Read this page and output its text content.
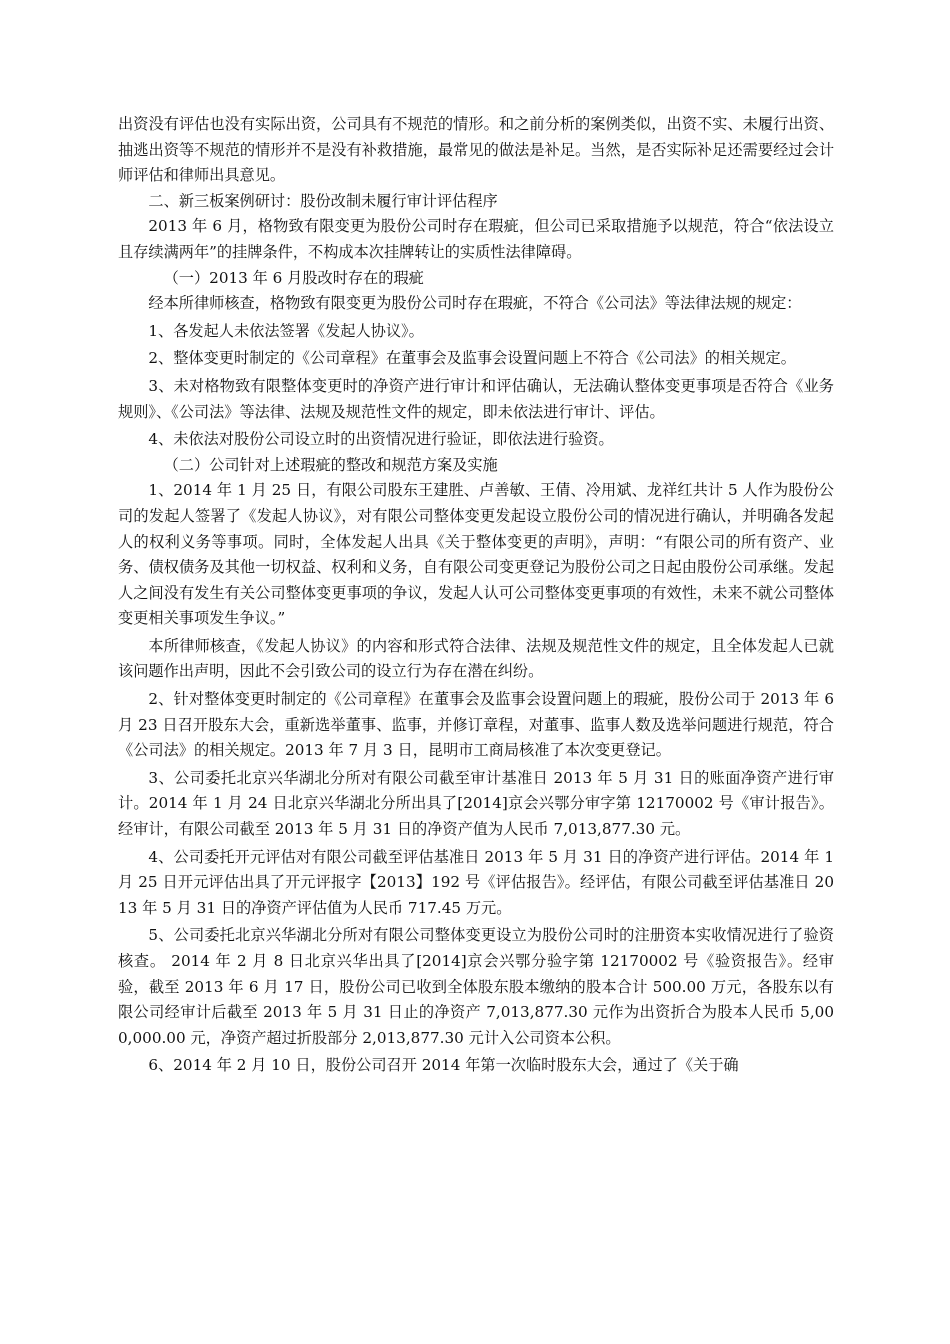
出资没有评估也没有实际出资，公司具有不规范的情形。和之前分析的案例类似，出资不实、未履行出资、抽逃出资等不规范的情形并不是没有补救措施，最常见的做法是补足。当然，是否实际补足还需要经过会计师评估和律师出具意见。

二、新三板案例研讨：股份改制未履行审计评估程序

2013 年 6 月，格物致有限变更为股份公司时存在瑕疵，但公司已采取措施予以规范，符合“依法设立且存续满两年”的挂牌条件，不构成本次挂牌转让的实质性法律障碍。

（一）2013 年 6 月股改时存在的瑕疵

经本所律师核查，格物致有限变更为股份公司时存在瑕疵，不符合《公司法》等法律法规的规定：

1、各发起人未依法签署《发起人协议》。

2、整体变更时制定的《公司章程》在董事会及监事会设置问题上不符合《公司法》的相关规定。

3、未对格物致有限整体变更时的净资产进行审计和评估确认，无法确认整体变更事项是否符合《业务规则》、《公司法》等法律、法规及规范性文件的规定，即未依法进行审计、评估。

4、未依法对股份公司设立时的出资情况进行验证，即依法进行验资。

（二）公司针对上述瑕疵的整改和规范方案及实施

1、2014 年 1 月 25 日，有限公司股东王建胜、卢善敏、王倩、冷用斌、龙祥红共计 5 人作为股份公司的发起人签署了《发起人协议》，对有限公司整体变更发起设立股份公司的情况进行确认，并明确各发起人的权利义务等事项。同时，全体发起人出具《关于整体变更的声明》，声明：“有限公司的所有资产、业务、债权债务及其他一切权益、权利和义务，自有限公司变更登记为股份公司之日起由股份公司承继。发起人之间没有发生有关公司整体变更事项的争议，发起人认可公司整体变更事项的有效性，未来不就公司整体变更相关事项发生争议。”

本所律师核查，《发起人协议》的内容和形式符合法律、法规及规范性文件的规定，且全体发起人已就该问题作出声明，因此不会引致公司的设立行为存在潜在纠纷。

2、针对整体变更时制定的《公司章程》在董事会及监事会设置问题上的瑕疵，股份公司于 2013 年 6 月 23 日召开股东大会，重新选举董事、监事，并修订章程，对董事、监事人数及选举问题进行规范，符合《公司法》的相关规定。2013 年 7 月 3 日，昆明市工商局核准了本次变更登记。

3、公司委托北京兴华湖北分所对有限公司截至审计基准日 2013 年 5 月 31 日的账面净资产进行审计。2014 年 1 月 24 日北京兴华湖北分所出具了[2014]京会兴鄂分审字第 12170002 号《审计报告》。经审计，有限公司截至 2013 年 5 月 31 日的净资产值为人民币 7,013,877.30 元。

4、公司委托开元评估对有限公司截至评估基准日 2013 年 5 月 31 日的净资产进行评估。2014 年 1 月 25 日开元评估出具了开元评报字【2013】192 号《评估报告》。经评估，有限公司截至评估基准日 2013 年 5 月 31 日的净资产评估值为人民币 717.45 万元。

5、公司委托北京兴华湖北分所对有限公司整体变更设立为股份公司时的注册资本实收情况进行了验资核查。 2014 年 2 月 8 日北京兴华出具了[2014]京会兴鄂分验字第 12170002 号《验资报告》。经审验，截至 2013 年 6 月 17 日，股份公司已收到全体股东股本缴纳的股本合计 500.00 万元，各股东以有限公司经审计后截至 2013 年 5 月 31 日止的净资产 7,013,877.30 元作为出资折合为股本人民币 5,000,000.00 元，净资产超过折股部分 2,013,877.30 元计入公司资本公积。

6、2014 年 2 月 10 日，股份公司召开 2014 年第一次临时股东大会，通过了《关于确
